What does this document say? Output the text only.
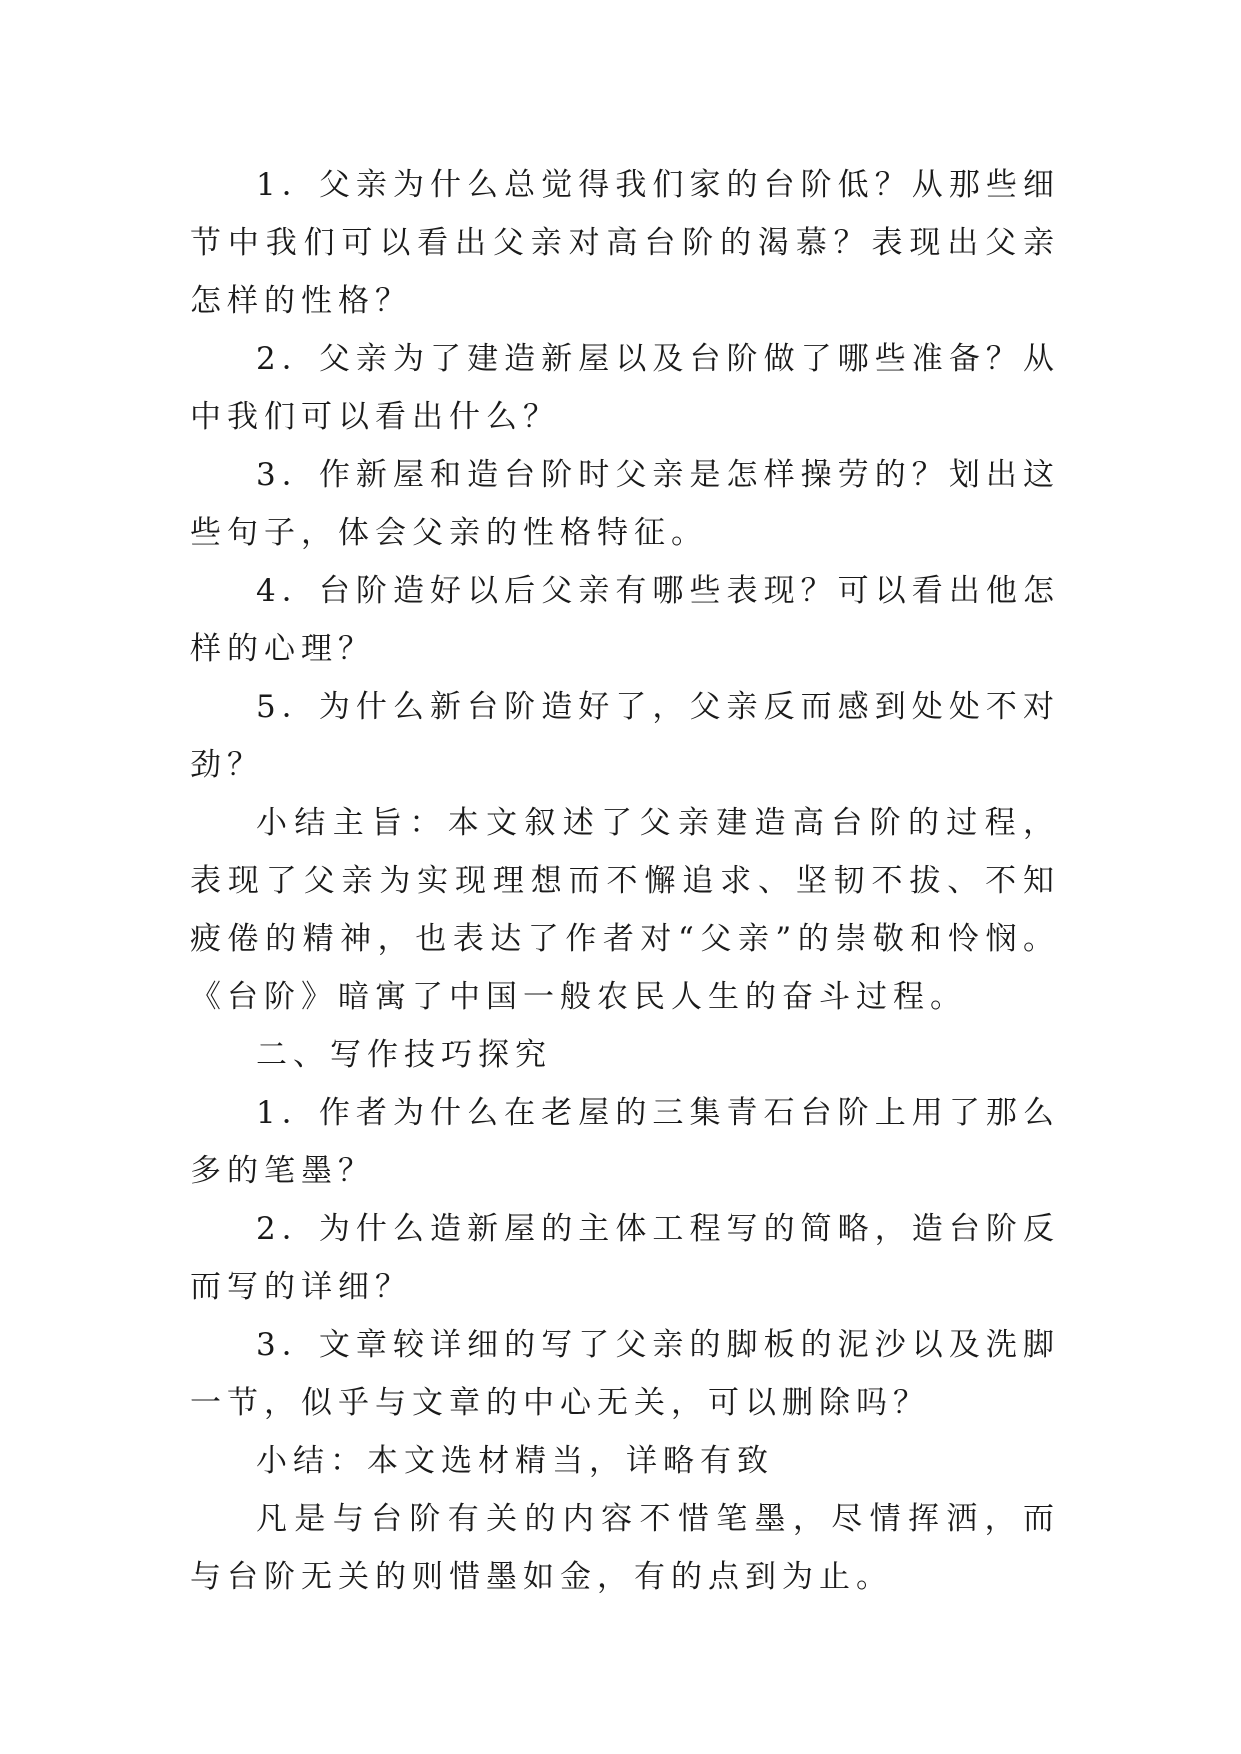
1．父亲为什么总觉得我们家的台阶低？从那些细节中我们可以看出父亲对高台阶的渴慕？表现出父亲怎样的性格？

2．父亲为了建造新屋以及台阶做了哪些准备？从中我们可以看出什么？

3．作新屋和造台阶时父亲是怎样操劳的？划出这些句子，体会父亲的性格特征。

4．台阶造好以后父亲有哪些表现？可以看出他怎样的心理？

5．为什么新台阶造好了，父亲反而感到处处不对劲？

小结主旨：本文叙述了父亲建造高台阶的过程，表现了父亲为实现理想而不懈追求、坚韧不拔、不知疲倦的精神，也表达了作者对“父亲”的崇敬和怜悯。《台阶》暗寓了中国一般农民人生的奋斗过程。

二、写作技巧探究

1．作者为什么在老屋的三集青石台阶上用了那么多的笔墨？

2．为什么造新屋的主体工程写的简略，造台阶反而写的详细？

3．文章较详细的写了父亲的脚板的泥沙以及洗脚一节，似乎与文章的中心无关，可以删除吗？

小结：本文选材精当，详略有致

凡是与台阶有关的内容不惜笔墨，尽情挥洒，而与台阶无关的则惜墨如金，有的点到为止。
